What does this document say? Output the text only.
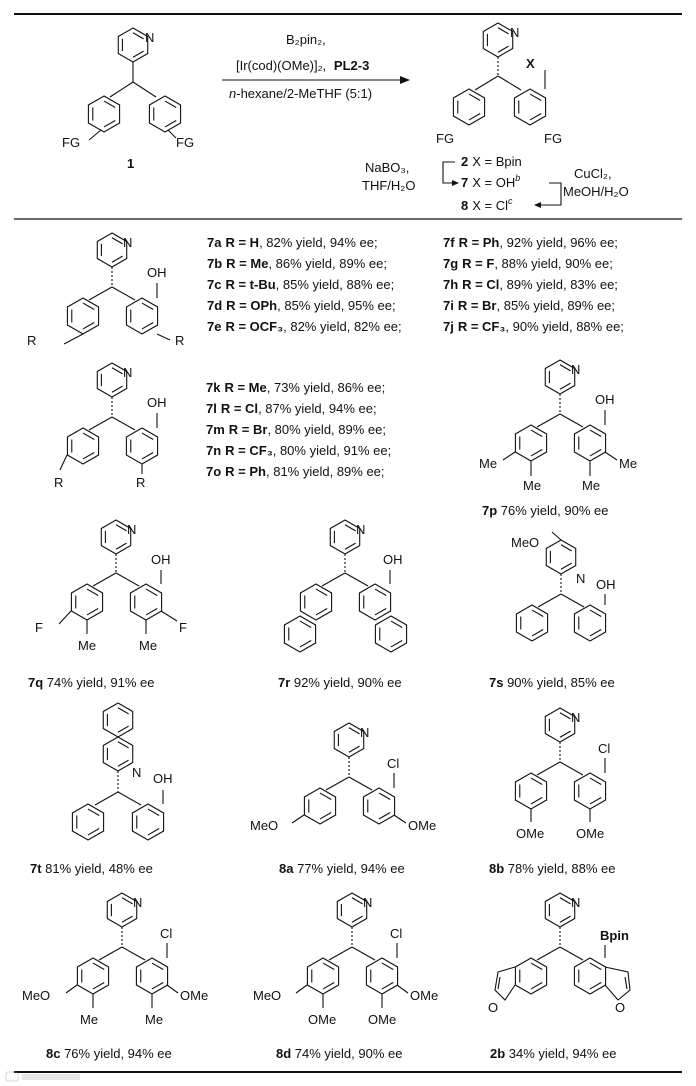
N
FG	FG
1
B₂pin₂,
[Ir(cod)(OMe)]₂, PL2-3
n-hexane/2-MeTHF (5:1)
N
X
FG	FG
2 X = Bpin
7 $X = OH^b$
8 $X = Cl^c$
NaBO₃,
THF/H₂O
CuCl₂,
MeOH/H₂O
N
OH
R	R
7a R = H, 82% yield, 94% ee;
7b R = Me, 86% yield, 89% ee;
7c R = t-Bu, 85% yield, 88% ee;
7d R = OPh, 85% yield, 95% ee;
7e R = OCF₃, 82% yield, 82% ee;
7f R = Ph, 92% yield, 96% ee;
7g R = F, 88% yield, 90% ee;
7h R = Cl, 89% yield, 83% ee;
7i R = Br, 85% yield, 89% ee;
7j R = CF₃, 90% yield, 88% ee;
N
OH
R	R
7k R = Me, 73% yield, 86% ee;
7l R = Cl, 87% yield, 94% ee;
7m R = Br, 80% yield, 89% ee;
7n R = CF₃, 80% yield, 91% ee;
7o R = Ph, 81% yield, 89% ee;
N
OH
Me
Me
Me
Me
7p 76% yield, 90% ee
N
OH
F
Me
F
Me
7q 74% yield, 91% ee
N
OH
7r 92% yield, 90% ee
N
MeO
OH
7s 90% yield, 85% ee
N OH
7t 81% yield, 48% ee
N
Cl
MeO	OMe
8a 77% yield, 94% ee
N
Cl
OMe OMe
8b 78% yield, 88% ee
N
Cl
MeO
Me
OMe
Me
8c 76% yield, 94% ee
N
Cl
MeO
OMe
OMe
OMe
8d 74% yield, 90% ee
N
Bpin
O	O
2b 34% yield, 94% ee
